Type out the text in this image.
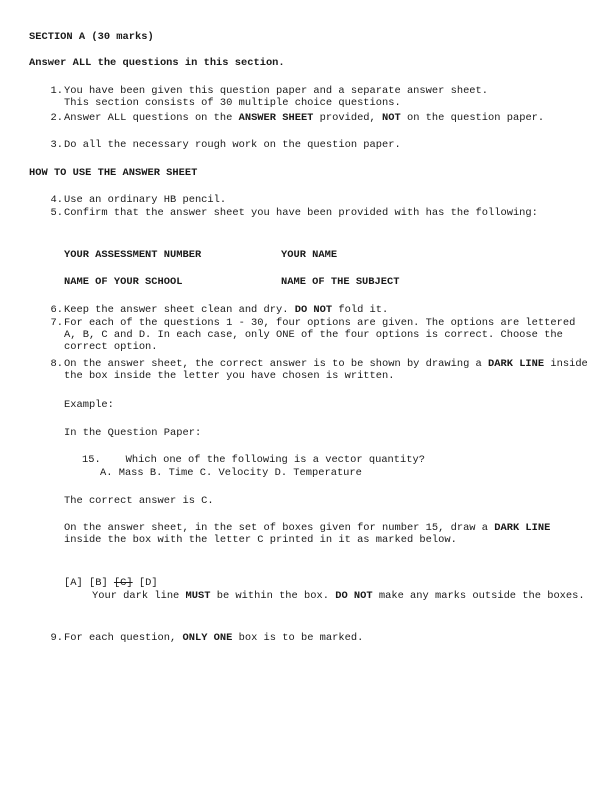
SECTION A (30 marks)
Answer ALL the questions in this section.
1. You have been given this question paper and a separate answer sheet.
This section consists of 30 multiple choice questions.
2. Answer ALL questions on the ANSWER SHEET provided, NOT on the question paper.
3. Do all the necessary rough work on the question paper.
HOW TO USE THE ANSWER SHEET
4. Use an ordinary HB pencil.
5. Confirm that the answer sheet you have been provided with has the following:
YOUR ASSESSMENT NUMBER	YOUR NAME
NAME OF YOUR SCHOOL	NAME OF THE SUBJECT
6. Keep the answer sheet clean and dry. DO NOT fold it.
7. For each of the questions 1 - 30, four options are given. The options are lettered A, B, C and D. In each case, only ONE of the four options is correct. Choose the correct option.
8. On the answer sheet, the correct answer is to be shown by drawing a DARK LINE inside the box inside the letter you have chosen is written.
Example:
In the Question Paper:
15. Which one of the following is a vector quantity?
A. Mass B. Time C. Velocity D. Temperature
The correct answer is C.
On the answer sheet, in the set of boxes given for number 15, draw a DARK LINE inside the box with the letter C printed in it as marked below.
[A] [B] [C] [D]
Your dark line MUST be within the box. DO NOT make any marks outside the boxes.
9. For each question, ONLY ONE box is to be marked.
